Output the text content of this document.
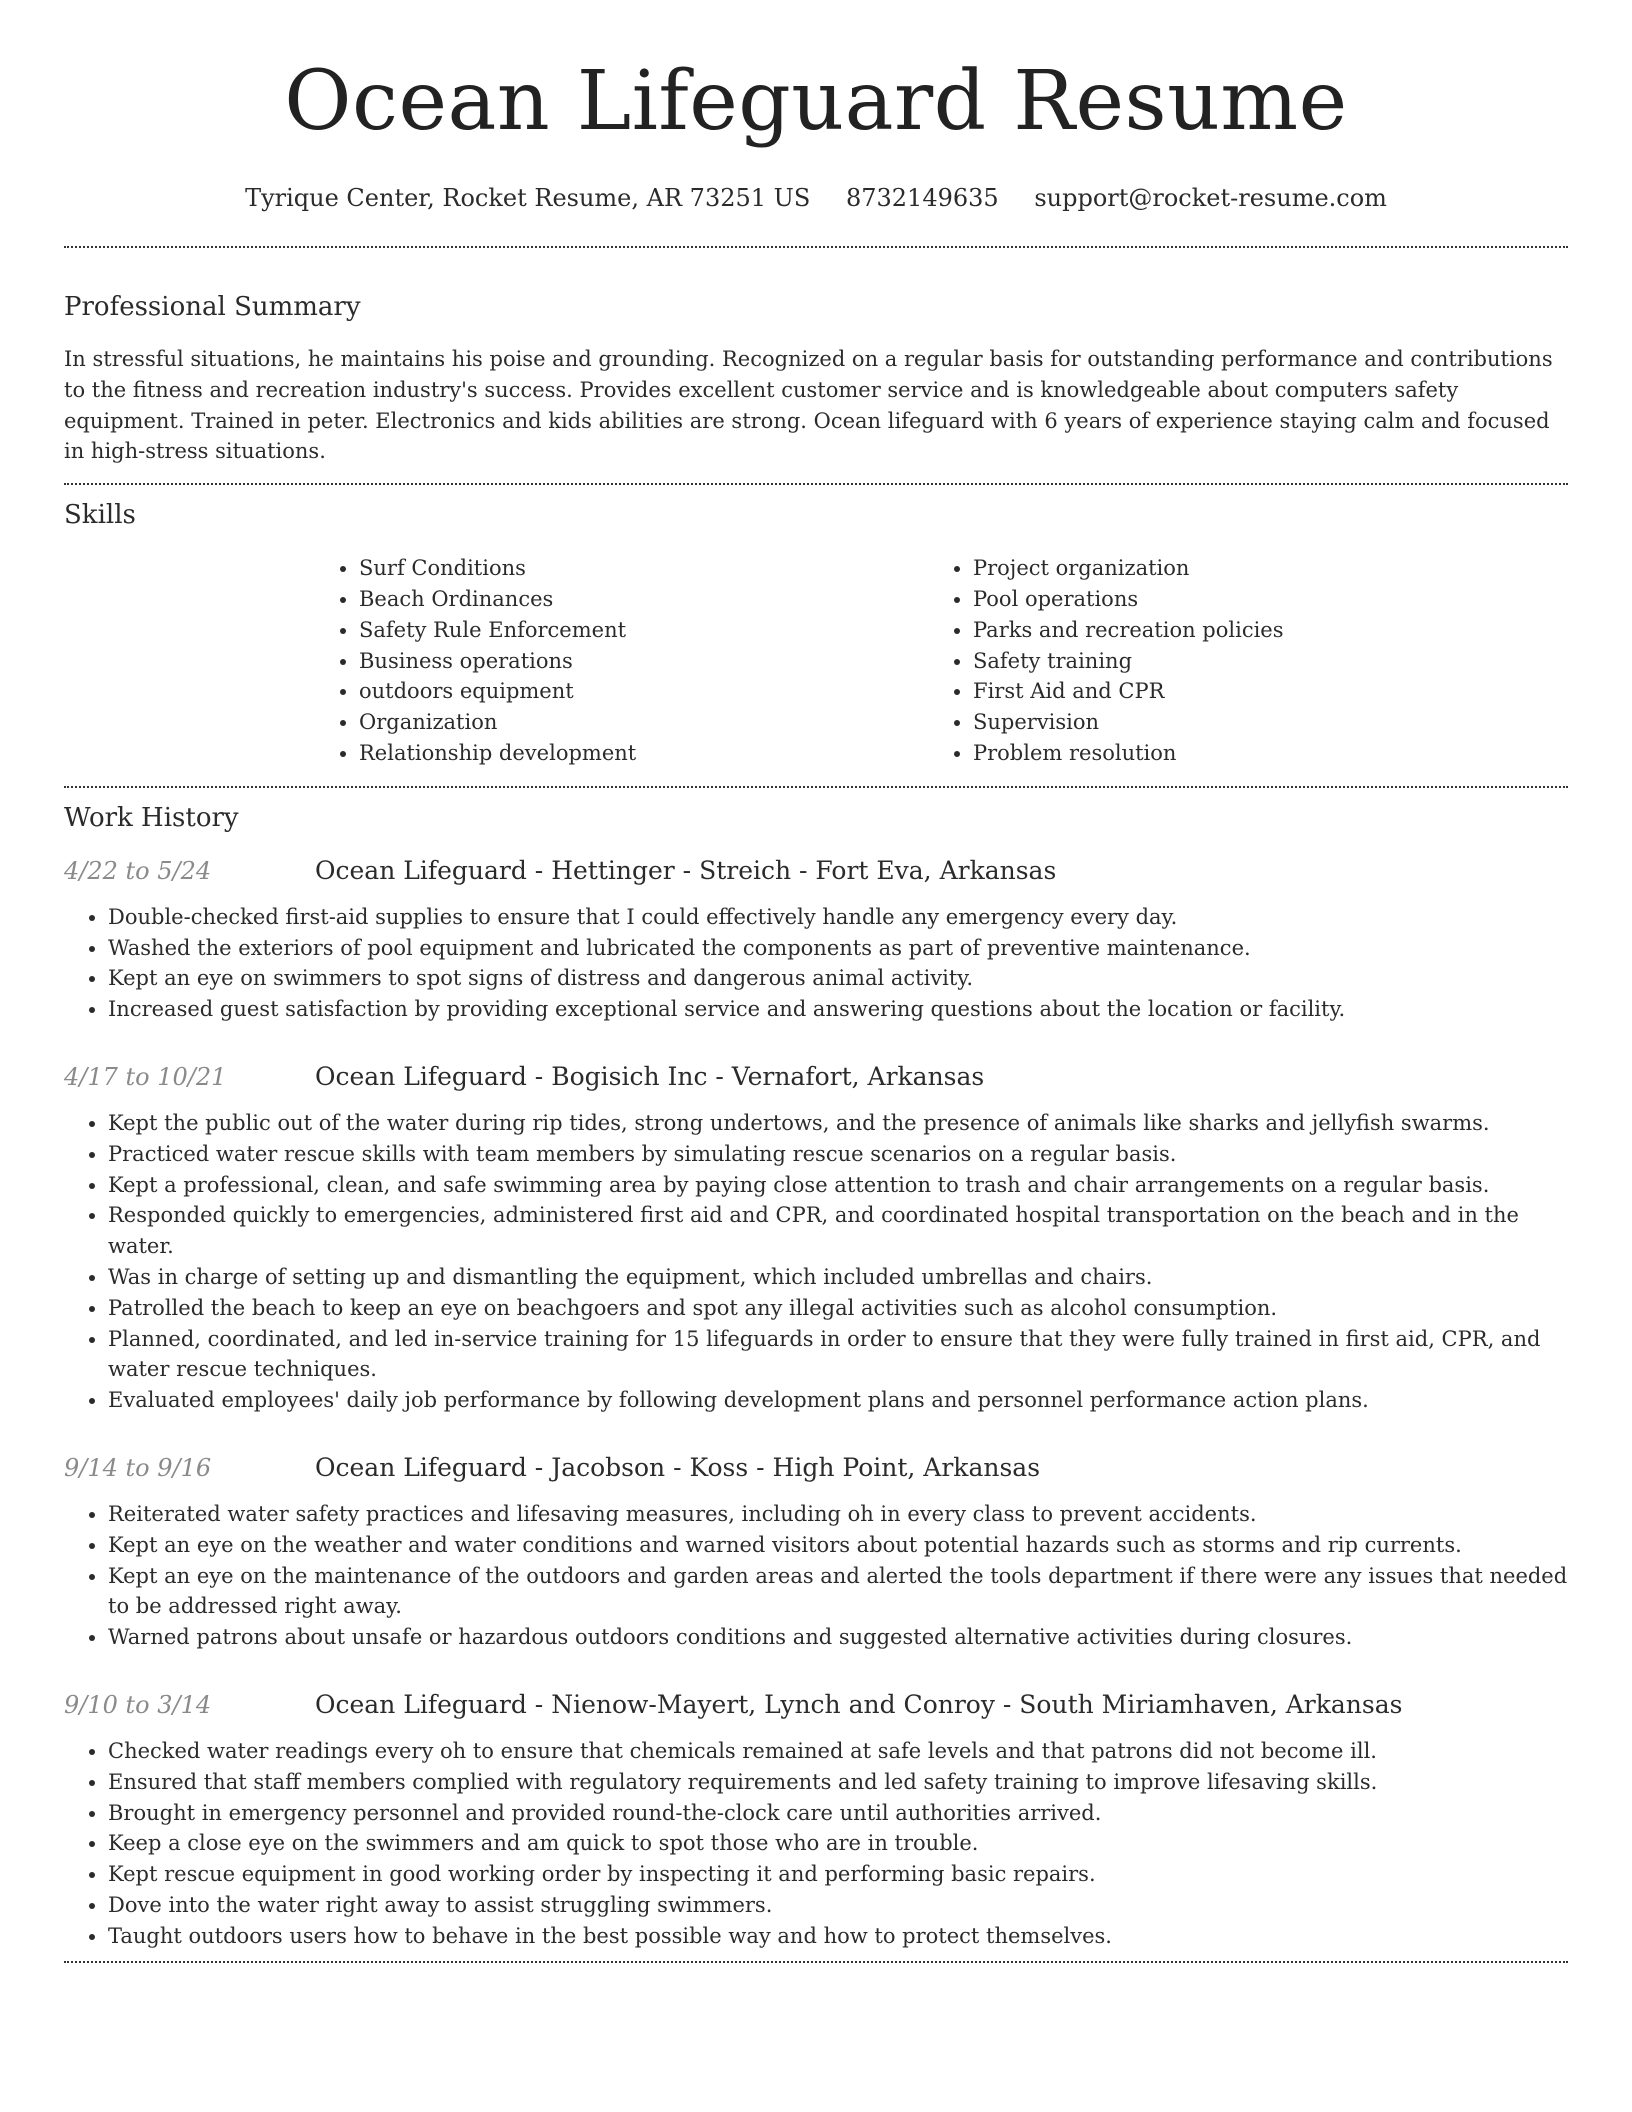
Ocean Lifeguard Resume
Tyrique Center, Rocket Resume, AR 73251 US 8732149635 support@rocket-resume.com
Professional Summary

In stressful situations, he maintains his poise and grounding. Recognized on a regular basis for outstanding performance and contributions to the fitness and recreation industry's success. Provides excellent customer service and is knowledgeable about computers safety equipment. Trained in peter. Electronics and kids abilities are strong. Ocean lifeguard with 6 years of experience staying calm and focused in high-stress situations.

Skills
• Surf Conditions
• Beach Ordinances
• Safety Rule Enforcement
• Business operations
• outdoors equipment
• Organization
• Relationship development
• Project organization
• Pool operations
• Parks and recreation policies
• Safety training
• First Aid and CPR
• Supervision
• Problem resolution
Work History
4/22 to 5/24	Ocean Lifeguard - Hettinger - Streich - Fort Eva, Arkansas
• Double-checked first-aid supplies to ensure that I could effectively handle any emergency every day.
• Washed the exteriors of pool equipment and lubricated the components as part of preventive maintenance.
• Kept an eye on swimmers to spot signs of distress and dangerous animal activity.
• Increased guest satisfaction by providing exceptional service and answering questions about the location or facility.
4/17 to 10/21	Ocean Lifeguard - Bogisich Inc - Vernafort, Arkansas
• Kept the public out of the water during rip tides, strong undertows, and the presence of animals like sharks and jellyfish swarms.
• Practiced water rescue skills with team members by simulating rescue scenarios on a regular basis.
• Kept a professional, clean, and safe swimming area by paying close attention to trash and chair arrangements on a regular basis.
• Responded quickly to emergencies, administered first aid and CPR, and coordinated hospital transportation on the beach and in the water.
• Was in charge of setting up and dismantling the equipment, which included umbrellas and chairs.
• Patrolled the beach to keep an eye on beachgoers and spot any illegal activities such as alcohol consumption.
• Planned, coordinated, and led in-service training for 15 lifeguards in order to ensure that they were fully trained in first aid, CPR, and water rescue techniques.
• Evaluated employees' daily job performance by following development plans and personnel performance action plans.
9/14 to 9/16	Ocean Lifeguard - Jacobson - Koss - High Point, Arkansas
• Reiterated water safety practices and lifesaving measures, including oh in every class to prevent accidents.
• Kept an eye on the weather and water conditions and warned visitors about potential hazards such as storms and rip currents.
• Kept an eye on the maintenance of the outdoors and garden areas and alerted the tools department if there were any issues that needed to be addressed right away.
• Warned patrons about unsafe or hazardous outdoors conditions and suggested alternative activities during closures.
9/10 to 3/14	Ocean Lifeguard - Nienow-Mayert, Lynch and Conroy - South Miriamhaven, Arkansas
• Checked water readings every oh to ensure that chemicals remained at safe levels and that patrons did not become ill.
• Ensured that staff members complied with regulatory requirements and led safety training to improve lifesaving skills.
• Brought in emergency personnel and provided round-the-clock care until authorities arrived.
• Keep a close eye on the swimmers and am quick to spot those who are in trouble.
• Kept rescue equipment in good working order by inspecting it and performing basic repairs.
• Dove into the water right away to assist struggling swimmers.
• Taught outdoors users how to behave in the best possible way and how to protect themselves.
